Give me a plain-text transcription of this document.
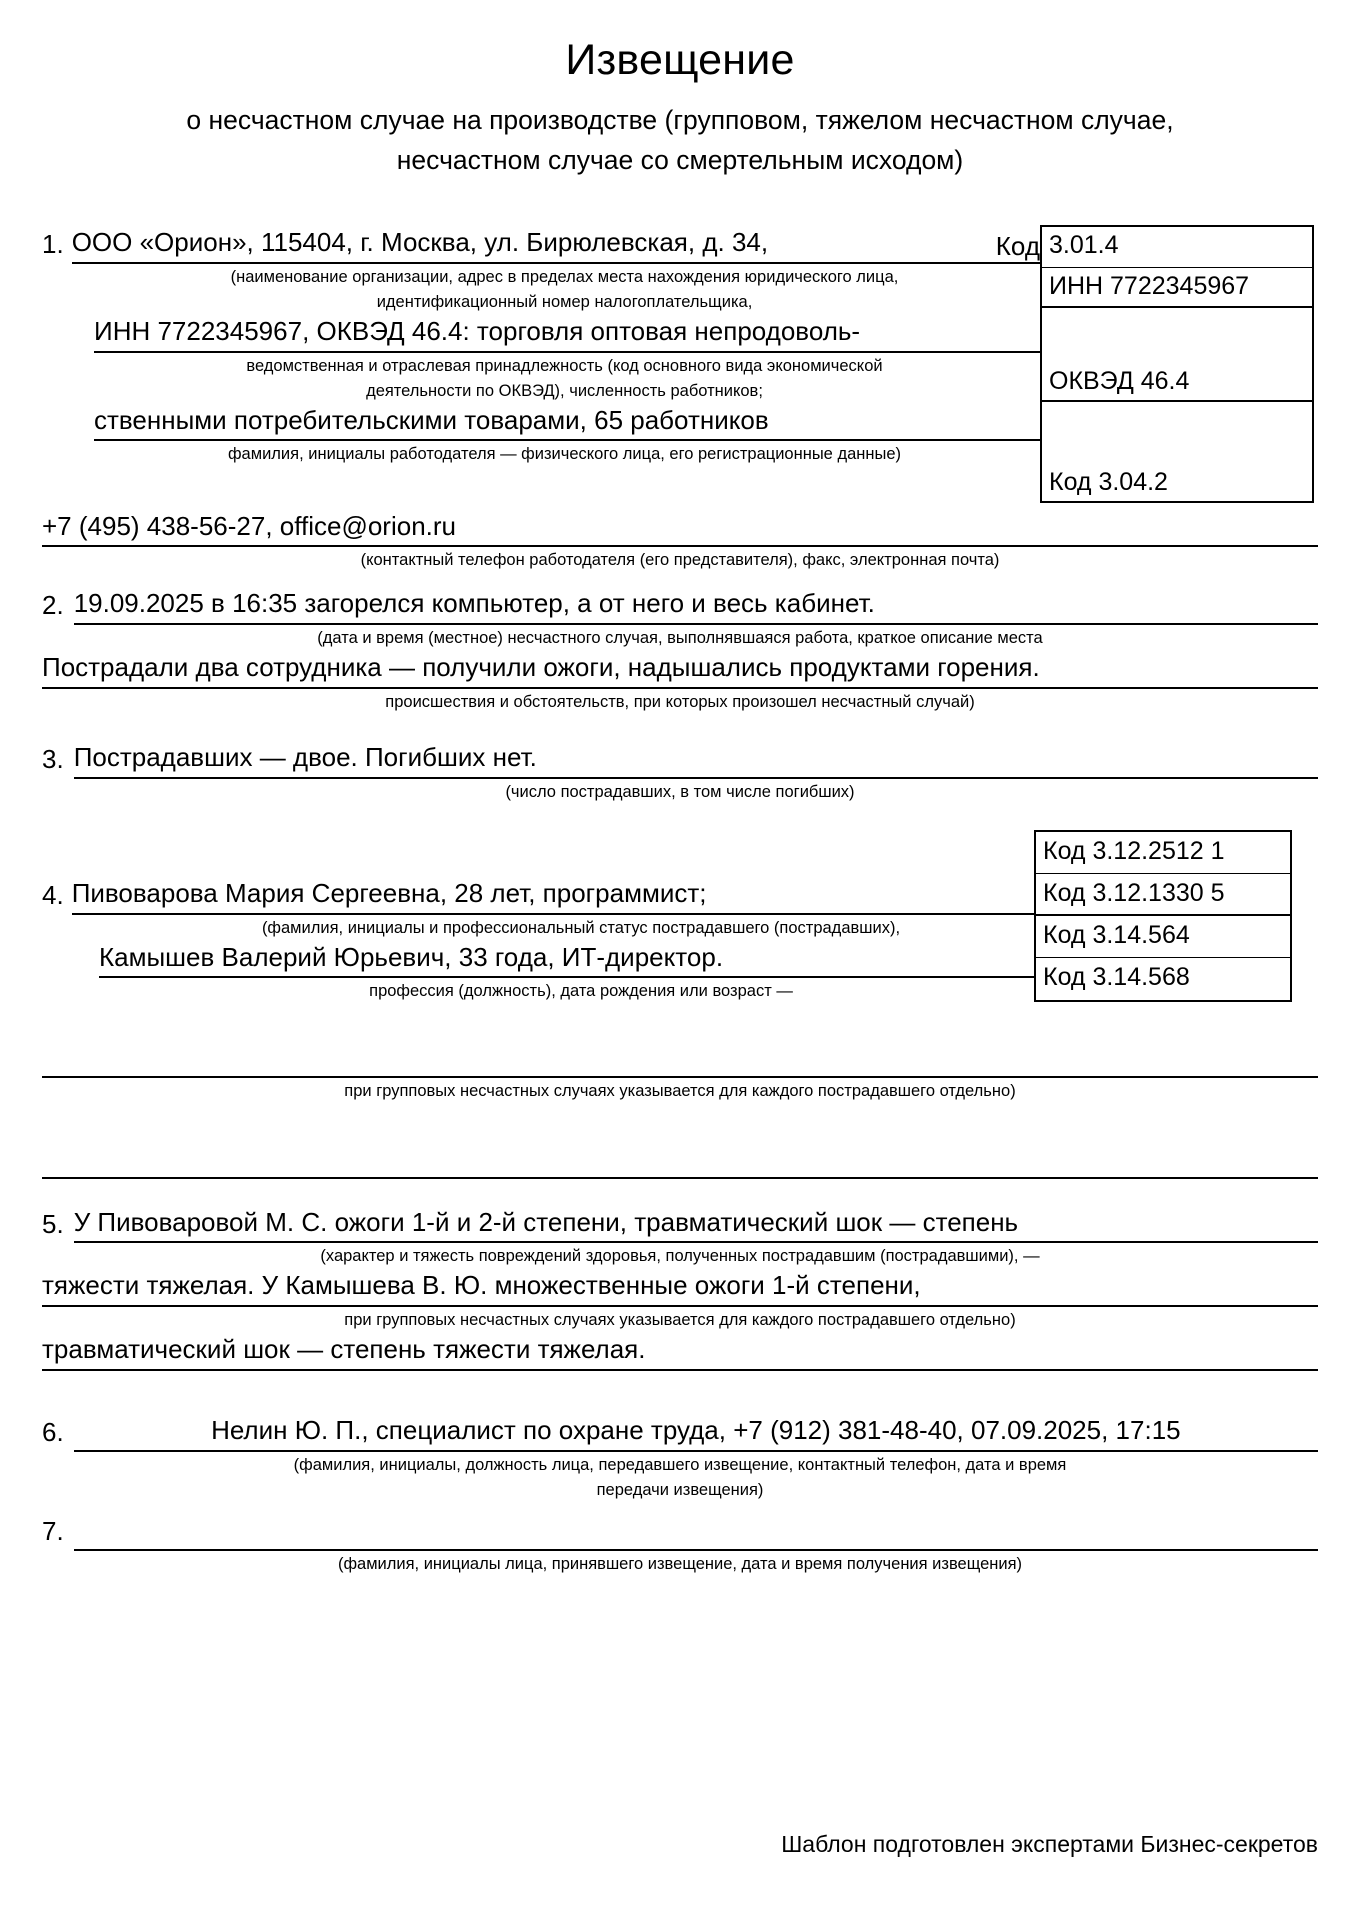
Извещение
о несчастном случае на производстве (групповом, тяжелом несчастном случае,
несчастном случае со смертельным исходом)
Код 3.01.4
ИНН 7722345967
ОКВЭД 46.4
Код 3.04.2
1. ООО «Орион», 115404, г. Москва, ул. Бирюлевская, д. 34,
(наименование организации, адрес в пределах места нахождения юридического лица,
идентификационный номер налогоплательщика,
ИНН 7722345967, ОКВЭД 46.4: торговля оптовая непродоволь-
ведомственная и отраслевая принадлежность (код основного вида экономической
деятельности по ОКВЭД), численность работников;
ственными потребительскими товарами, 65 работников
фамилия, инициалы работодателя — физического лица, его регистрационные данные)
+7 (495) 438-56-27, office@orion.ru
(контактный телефон работодателя (его представителя), факс, электронная почта)
2. 19.09.2025 в 16:35 загорелся компьютер, а от него и весь кабинет.
(дата и время (местное) несчастного случая, выполнявшаяся работа, краткое описание места
Пострадали два сотрудника — получили ожоги, надышались продуктами горения.
происшествия и обстоятельств, при которых произошел несчастный случай)
3. Пострадавших — двое. Погибших нет.
(число пострадавших, в том числе погибших)
Код 3.12.2512 1
Код 3.12.1330 5
Код 3.14.564
Код 3.14.568
4. Пивоварова Мария Сергеевна, 28 лет, программист;
(фамилия, инициалы и профессиональный статус пострадавшего (пострадавших),
Камышев Валерий Юрьевич, 33 года, ИТ-директор.
профессия (должность), дата рождения или возраст —
при групповых несчастных случаях указывается для каждого пострадавшего отдельно)
5. У Пивоваровой М. С. ожоги 1-й и 2-й степени, травматический шок — степень
(характер и тяжесть повреждений здоровья, полученных пострадавшим (пострадавшими), —
тяжести тяжелая. У Камышева В. Ю. множественные ожоги 1-й степени,
при групповых несчастных случаях указывается для каждого пострадавшего отдельно)
травматический шок — степень тяжести тяжелая.
6.	Нелин Ю. П., специалист по охране труда, +7 (912) 381-48-40, 07.09.2025, 17:15
(фамилия, инициалы, должность лица, передавшего извещение, контактный телефон, дата и время
передачи извещения)
7.
(фамилия, инициалы лица, принявшего извещение, дата и время получения извещения)
Шаблон подготовлен экспертами Бизнес-секретов
